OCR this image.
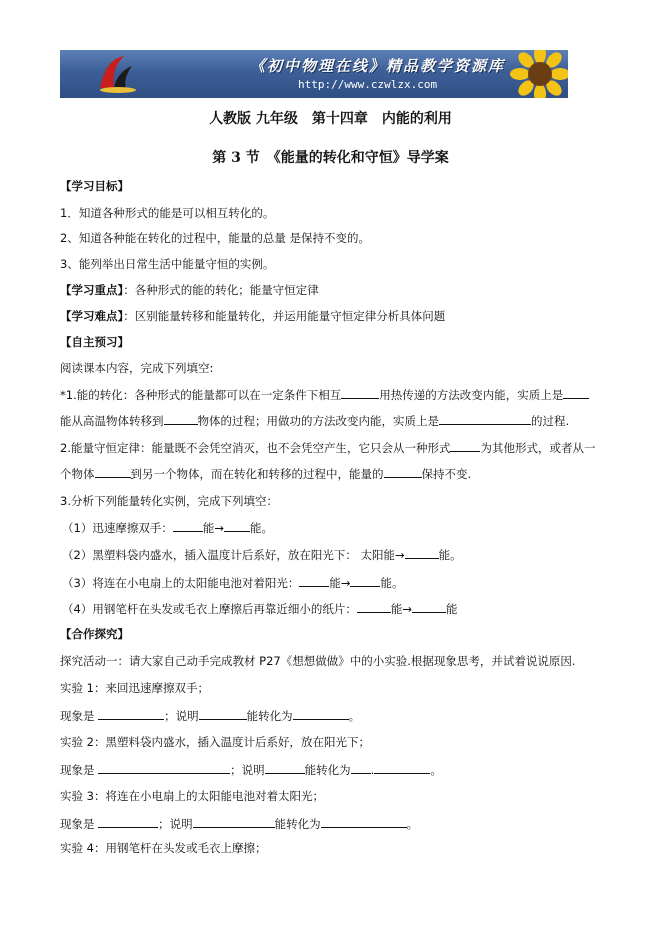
《初中物理在线》精品教学资源库
http://www.czwlzx.com
人教版 九年级　第十四章　内能的利用
第 3 节　《能量的转化和守恒》导学案
【学习目标】
1．知道各种形式的能是可以相互转化的。
2、知道各种能在转化的过程中，能量的总量 是保持不变的。
3、能列举出日常生活中能量守恒的实例。
【学习重点】：各种形式的能的转化；能量守恒定律
【学习难点】：区别能量转移和能量转化，并运用能量守恒定律分析具体问题
【自主预习】
阅读课本内容，完成下列填空:
*1.能的转化：各种形式的能量都可以在一定条件下相互	用热传递的方法改变内能，实质上是
能从高温物体转移到	物体的过程；用做功的方法改变内能，实质上是	的过程.
2.能量守恒定律：能量既不会凭空消灭，也不会凭空产生，它只会从一种形式	为其他形式，或者从一
个物体	到另一个物体，而在转化和转移的过程中，能量的	保持不变.
3.分析下列能量转化实例，完成下列填空：
（1）迅速摩擦双手：	能→ 能。
（2）黑塑料袋内盛水，插入温度计后系好，放在阳光下： 太阳能→	能。
（3）将连在小电扇上的太阳能电池对着阳光：	能→	能。
（4）用钢笔杆在头发或毛衣上摩擦后再靠近细小的纸片：	能→	能
【合作探究】
探究活动一：请大家自己动手完成教材 P27《想想做做》中的小实验.根据现象思考，并试着说说原因.
实验 1：来回迅速摩擦双手；
现象是	；说明	能转化为	。
实验 2：黑塑料袋内盛水，插入温度计后系好，放在阳光下；
现象是	；说明	能转化为 .	。
实验 3：将连在小电扇上的太阳能电池对着太阳光；
现象是	；说明	能转化为	。
实验 4：用钢笔杆在头发或毛衣上摩擦；
